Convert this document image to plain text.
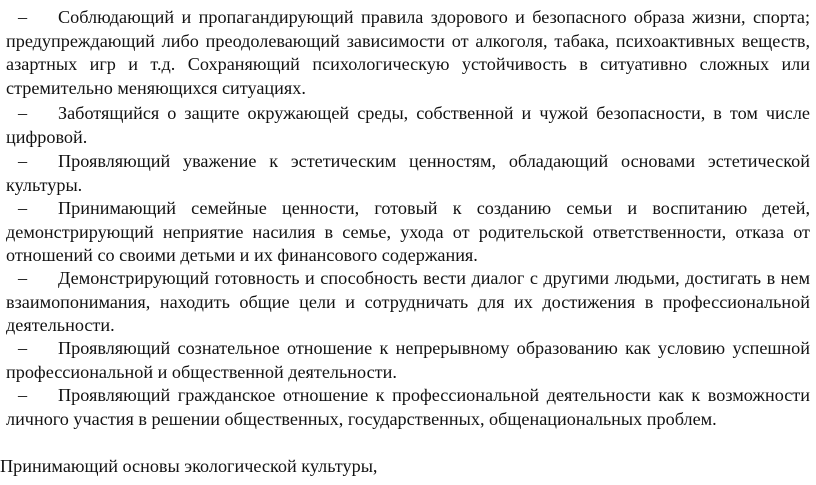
– Соблюдающий и пропагандирующий правила здорового и безопасного образа жизни, спорта; предупреждающий либо преодолевающий зависимости от алкоголя, табака, психоактивных веществ, азартных игр и т.д. Сохраняющий психологическую устойчивость в ситуативно сложных или стремительно меняющихся ситуациях.

– Заботящийся о защите окружающей среды, собственной и чужой безопасности, в том числе цифровой.

– Проявляющий уважение к эстетическим ценностям, обладающий основами эстетической культуры.

– Принимающий семейные ценности, готовый к созданию семьи и воспитанию детей, демонстрирующий неприятие насилия в семье, ухода от родительской ответственности, отказа от отношений со своими детьми и их финансового содержания.

– Демонстрирующий готовность и способность вести диалог с другими людьми, достигать в нем взаимопонимания, находить общие цели и сотрудничать для их достижения в профессиональной деятельности.

– Проявляющий сознательное отношение к непрерывному образованию как условию успешной профессиональной и общественной деятельности.

– Проявляющий гражданское отношение к профессиональной деятельности как к возможности личного участия в решении общественных, государственных, общенациональных проблем.

Принимающий основы экологической культуры,
